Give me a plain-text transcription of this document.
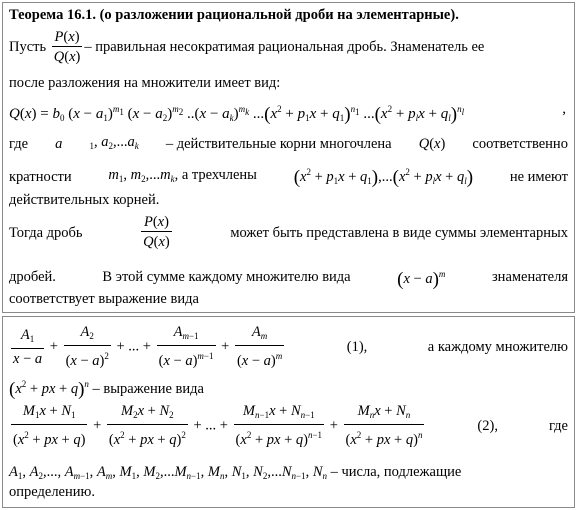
Теорема 16.1. (о разложении рациональной дроби на элементарные).
Пусть $\frac{P(x)}{Q(x)}$ – правильная несократимая рациональная дробь. Знаменатель ее
после разложения на множители имеет вид:
$Q(x) = b_0$ $(x - a_1)^{m_1}$ $(x - a_2)^{m_2}$ $..(x - a_k)^{m_k}$ $...(x^2 + p_1x + q_1)^{n_1}$ $...(x^2 + p_lx + q_l)^{n_l}$	,
где a	$_1$, $a_2,...a_k$ – действительные корни многочлена Q(x) соответственно
кратности	$m_1$, $m_2,...m_k$, а трехчлены $(x^2 + p_1x + q_1),...(x^2 + p_lx + q_l)$	не имеют
действительных корней.
Тогда дробь	$\frac{P(x)}{Q(x)}$	может быть представлена в виде суммы элементарных
дробей.	В этой сумме каждому множителю вида $(x - a)^m$	знаменателя
соответствует выражение вида
$\frac{A_1}{x - a} + \frac{A_2}{(x - a)^2}$ + ... + $\frac{A_{m-1}}{(x - a)^{m-1}} + \frac{A_m}{(x - a)^m}$	(1),	а каждому множителю
($x^2$ + px + q)$^n$ – выражение вида
$\frac{M_1x + N_1}{(x^2 + px + q)} + \frac{M_2x + N_2}{(x^2 + px + q)^2}$ + ... + $\frac{M_{n-1}x + N_{n-1}}{(x^2 + px + q)^{n-1}} + \frac{M_nx + N_n}{(x^2 + px + q)^n}$	(2),	где
$A_1$, $A_2$,..., $A_{m-1}$, $A_m$, $M_1$, $M_2,...M_{n-1}$, $M_n$, $N_1$, $N_2,...N_{n-1}$, $N_n$ – числа, подлежащие
определению.
